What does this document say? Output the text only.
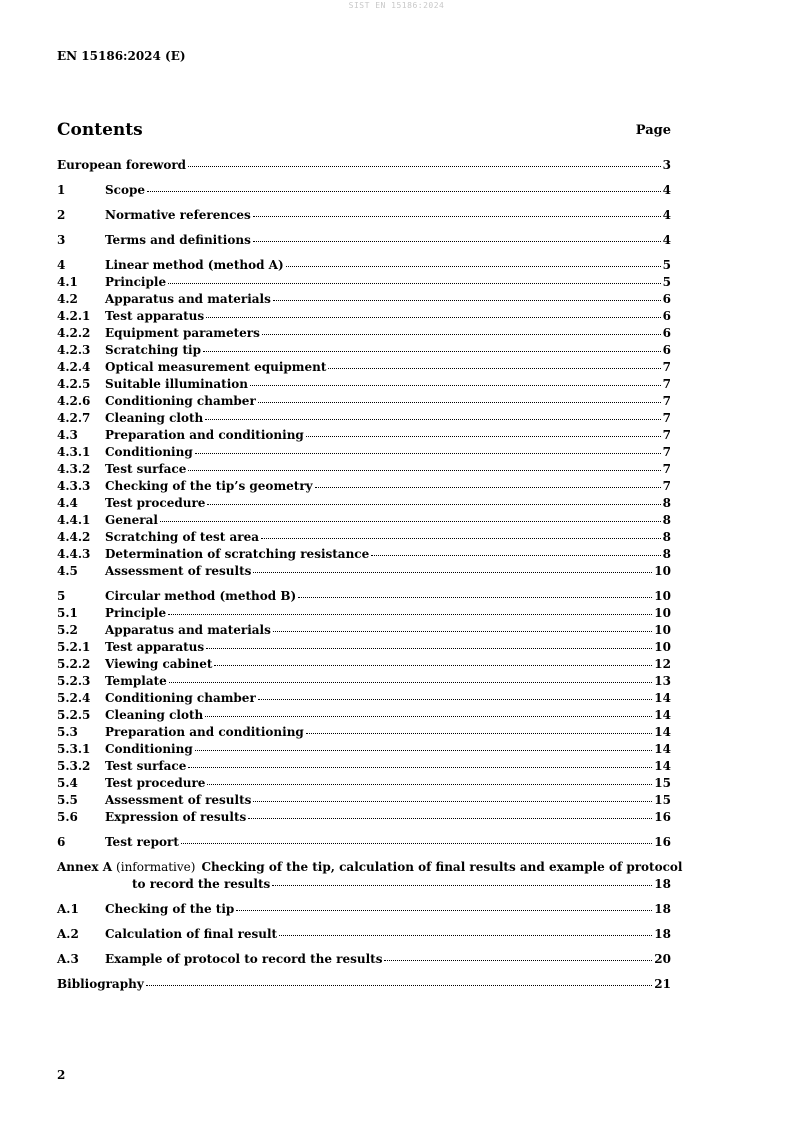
SIST EN 15186:2024
EN 15186:2024 (E)
Contents	Page
European foreword	3
1	Scope	4
2	Normative references	4
3	Terms and definitions	4
4	Linear method (method A)	5
4.1	Principle	5
4.2	Apparatus and materials	6
4.2.1	Test apparatus	6
4.2.2	Equipment parameters	6
4.2.3	Scratching tip	6
4.2.4	Optical measurement equipment	7
4.2.5	Suitable illumination	7
4.2.6	Conditioning chamber	7
4.2.7	Cleaning cloth	7
4.3	Preparation and conditioning	7
4.3.1	Conditioning	7
4.3.2	Test surface	7
4.3.3	Checking of the tip’s geometry	7
4.4	Test procedure	8
4.4.1	General	8
4.4.2	Scratching of test area	8
4.4.3	Determination of scratching resistance	8
4.5	Assessment of results	10
5	Circular method (method B)	10
5.1	Principle	10
5.2	Apparatus and materials	10
5.2.1	Test apparatus	10
5.2.2	Viewing cabinet	12
5.2.3	Template	13
5.2.4	Conditioning chamber	14
5.2.5	Cleaning cloth	14
5.3	Preparation and conditioning	14
5.3.1	Conditioning	14
5.3.2	Test surface	14
5.4	Test procedure	15
5.5	Assessment of results	15
5.6	Expression of results	16
6	Test report	16
Annex A (informative) Checking of the tip, calculation of final results and example of protocol
to record the results	18
A.1	Checking of the tip	18
A.2	Calculation of final result	18
A.3	Example of protocol to record the results	20
Bibliography	21
2
